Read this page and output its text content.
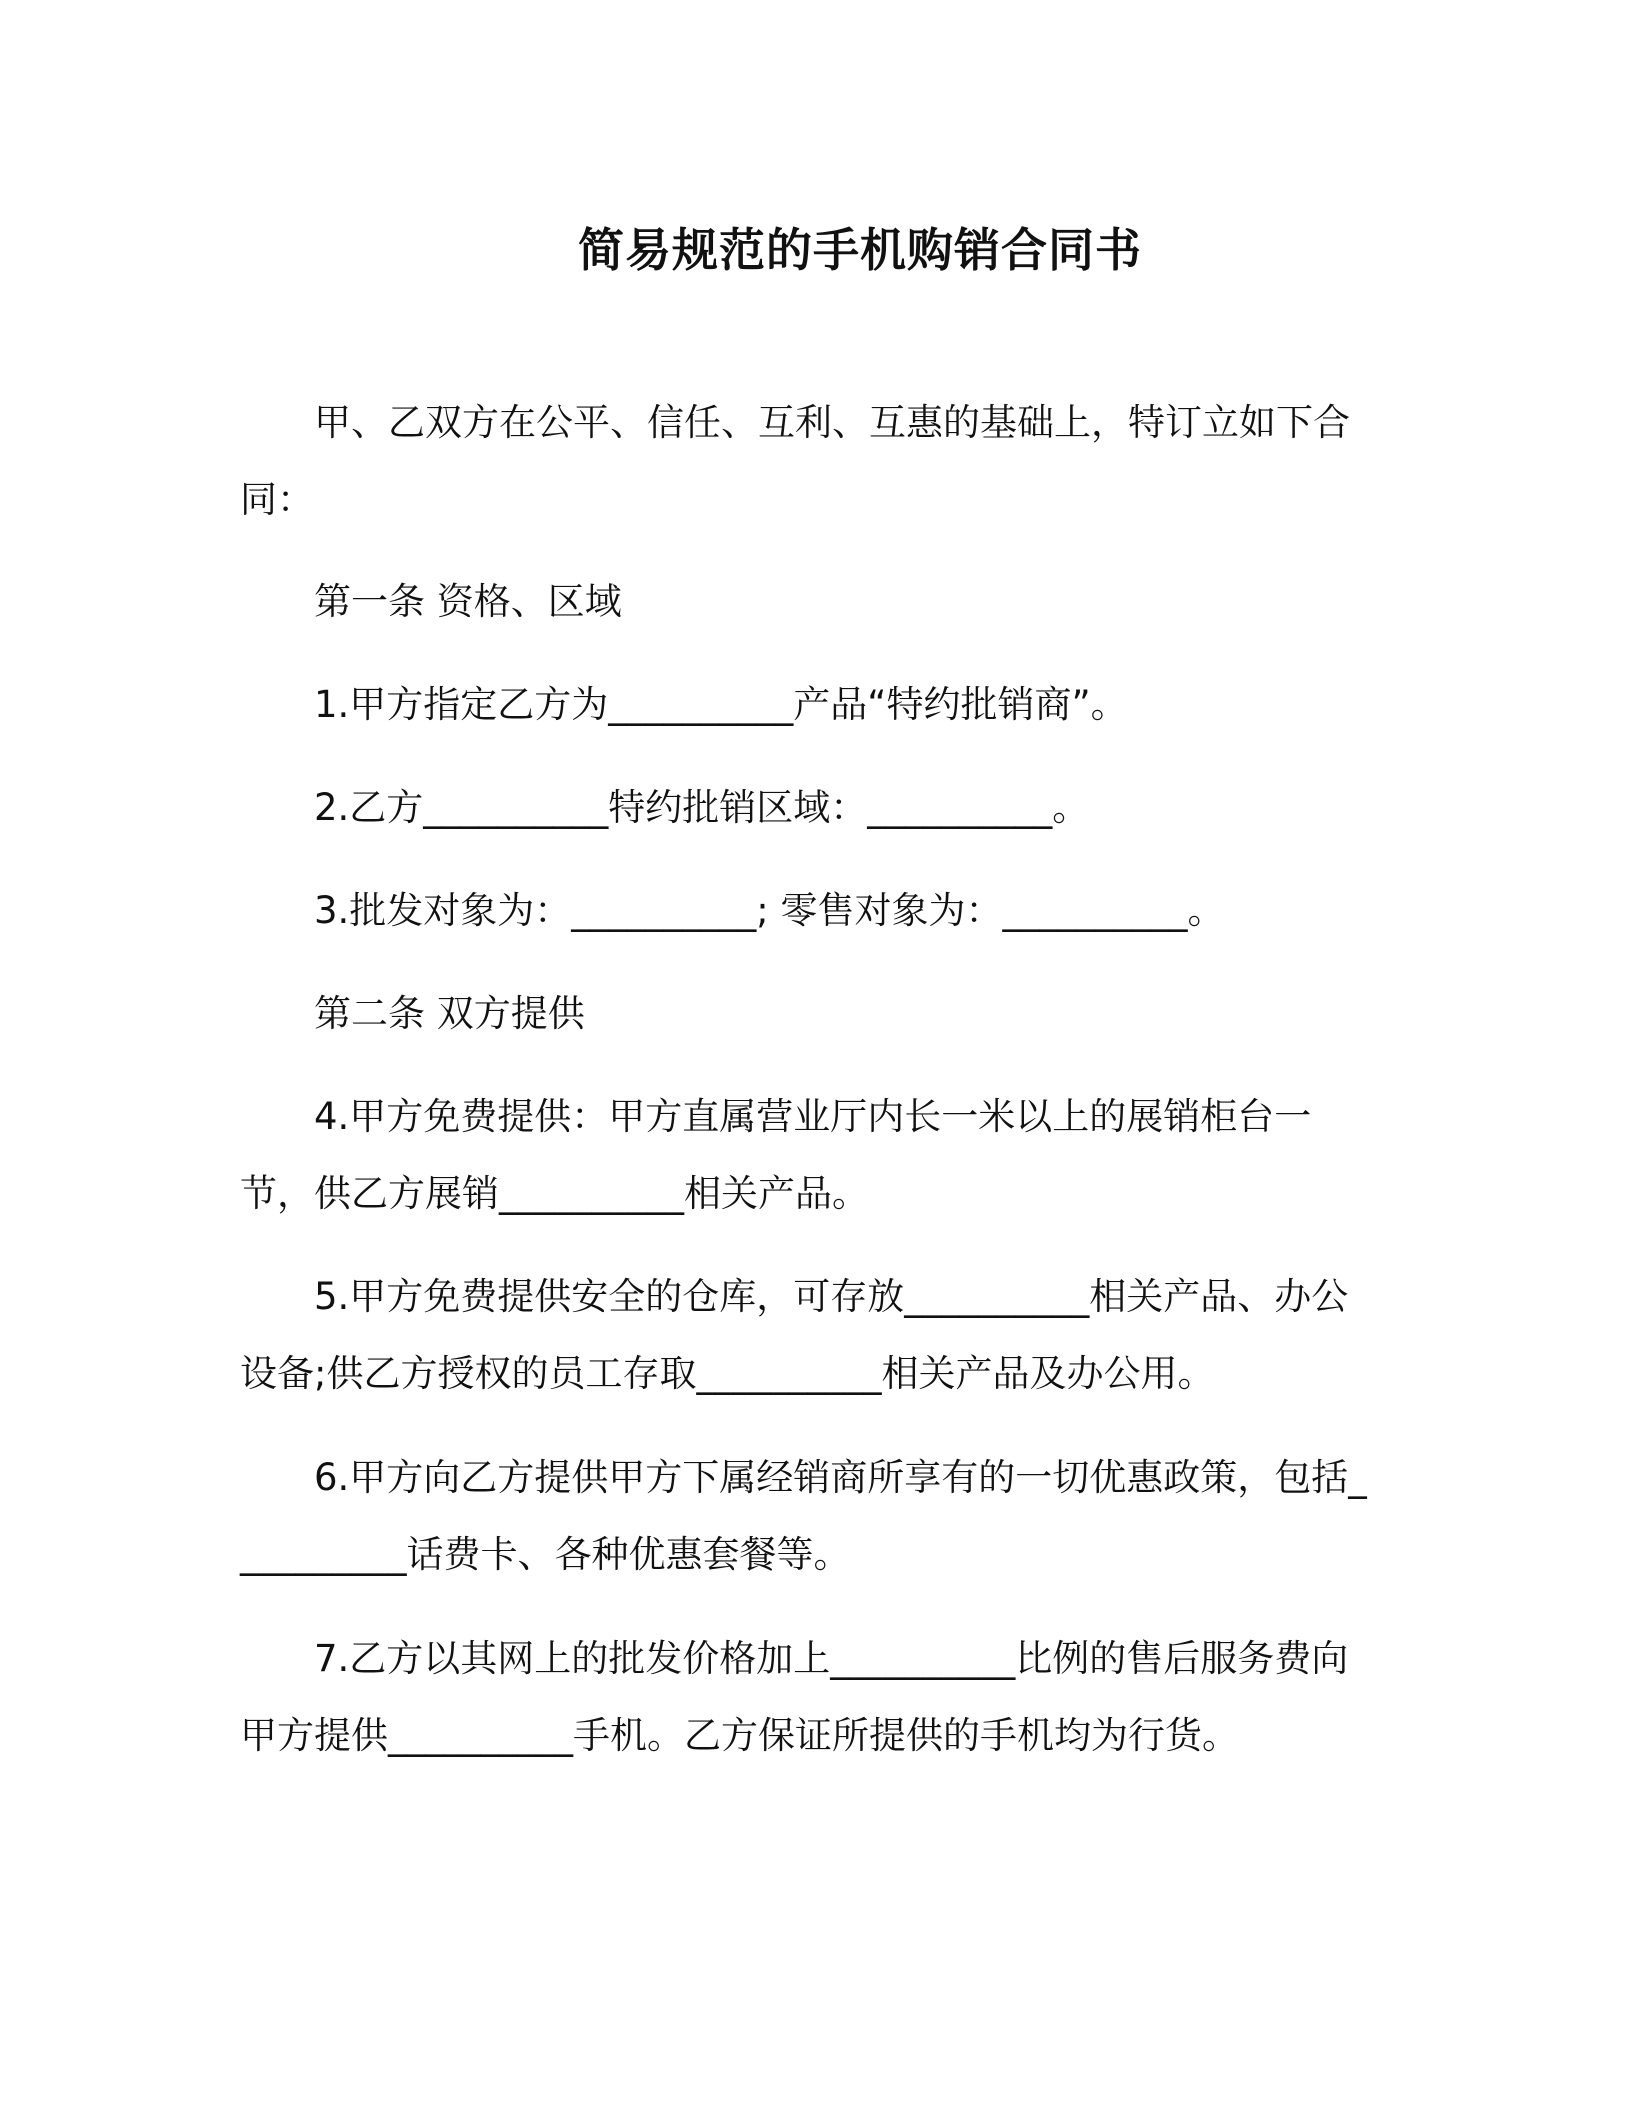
简易规范的手机购销合同书

甲、乙双方在公平、信任、互利、互惠的基础上，特订立如下合同：

第一条 资格、区域

1.甲方指定乙方为__________产品“特约批销商”。

2.乙方__________特约批销区域：__________。

3.批发对象为：__________; 零售对象为：__________。

第二条 双方提供

4.甲方免费提供：甲方直属营业厅内长一米以上的展销柜台一节，供乙方展销__________相关产品。

5.甲方免费提供安全的仓库，可存放__________相关产品、办公设备;供乙方授权的员工存取__________相关产品及办公用。

6.甲方向乙方提供甲方下属经销商所享有的一切优惠政策，包括__________话费卡、各种优惠套餐等。

7.乙方以其网上的批发价格加上__________比例的售后服务费向甲方提供__________手机。乙方保证所提供的手机均为行货。
